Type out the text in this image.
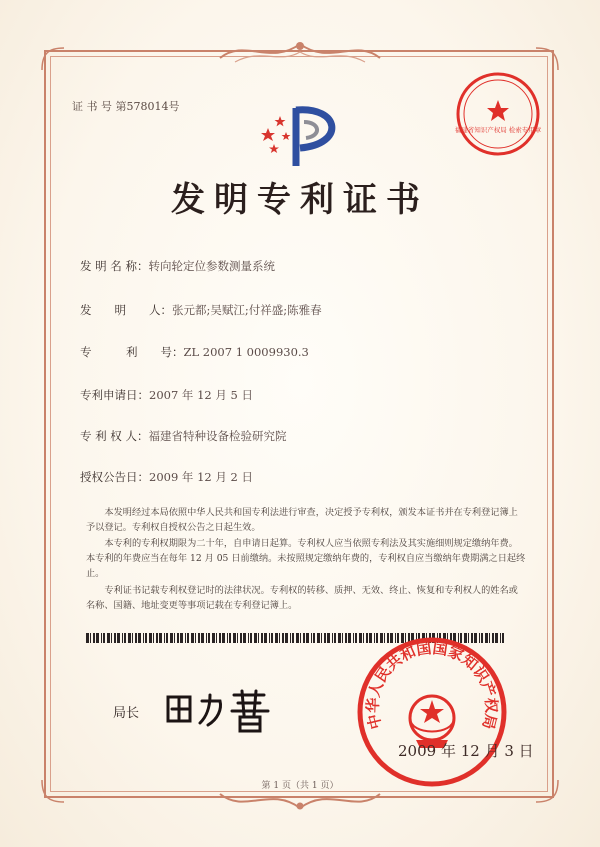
证 书 号 第578014号
福建省知识产权局 检索专用章
发明专利证书
发 明 名 称：转向轮定位参数测量系统
发　　明　　人：张元都;吴赋江;付祥盛;陈雅春
专　　　利　　号：ZL 2007 1 0009930.3
专利申请日：2007 年 12 月 5 日
专 利 权 人：福建省特种设备检验研究院
授权公告日：2009 年 12 月 2 日
本发明经过本局依照中华人民共和国专利法进行审查，决定授予专利权，颁发本证书并在专利登记簿上予以登记。专利权自授权公告之日起生效。
本专利的专利权期限为二十年，自申请日起算。专利权人应当依照专利法及其实施细则规定缴纳年费。本专利的年费应当在每年 12 月 05 日前缴纳。未按照规定缴纳年费的，专利权自应当缴纳年费期满之日起终止。
专利证书记载专利权登记时的法律状况。专利权的转移、质押、无效、终止、恢复和专利权人的姓名或名称、国籍、地址变更等事项记载在专利登记簿上。
局长	中华人民共和国国家知识产权局
2009 年 12 月 3 日
第 1 页（共 1 页）
